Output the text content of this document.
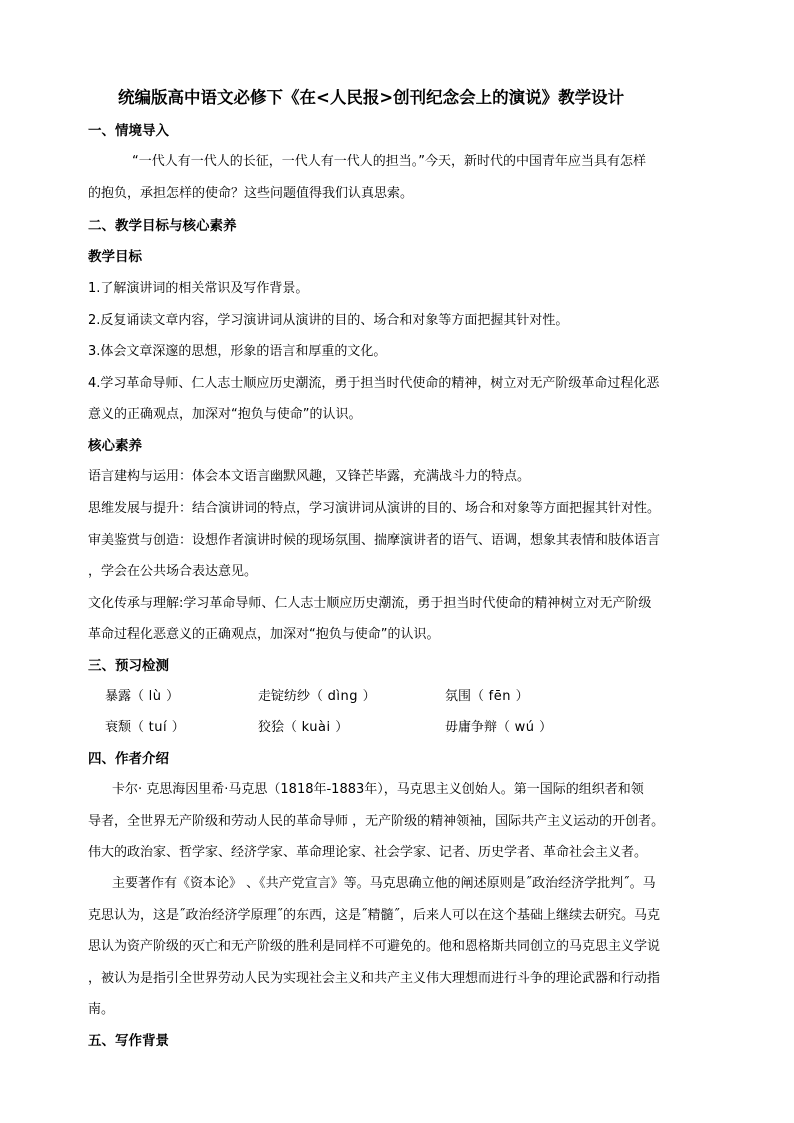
统编版高中语文必修下《在<人民报>创刊纪念会上的演说》教学设计
一、情境导入
“一代人有一代人的长征，一代人有一代人的担当。”今天，新时代的中国青年应当具有怎样
的抱负，承担怎样的使命？这些问题值得我们认真思索。
二、教学目标与核心素养
教学目标
1.了解演讲词的相关常识及写作背景。
2.反复诵读文章内容，学习演讲词从演讲的目的、场合和对象等方面把握其针对性。
3.体会文章深邃的思想，形象的语言和厚重的文化。
4.学习革命导师、仁人志士顺应历史潮流，勇于担当时代使命的精神，树立对无产阶级革命过程化恶
意义的正确观点，加深对“抱负与使命”的认识。
核心素养
语言建构与运用：体会本文语言幽默风趣，又锋芒毕露，充满战斗力的特点。
思维发展与提升：结合演讲词的特点，学习演讲词从演讲的目的、场合和对象等方面把握其针对性。
审美鉴赏与创造：设想作者演讲时候的现场氛围、揣摩演讲者的语气、语调，想象其表情和肢体语言
，学会在公共场合表达意见。
文化传承与理解:学习革命导师、仁人志士顺应历史潮流，勇于担当时代使命的精神树立对无产阶级
革命过程化恶意义的正确观点，加深对“抱负与使命”的认识。
三、预习检测
暴露（ lù ）	走锭纺纱（ dìng ）	氛围（ fēn ）
衰颓（ tuí ）	狡狯（ kuài ）	毋庸争辩（ wú ）
四、作者介绍
卡尔· 克思海因里希·马克思（1818年-1883年），马克思主义创始人。第一国际的组织者和领
导者，全世界无产阶级和劳动人民的革命导师 ，无产阶级的精神领袖，国际共产主义运动的开创者。
伟大的政治家、哲学家、经济学家、革命理论家、社会学家、记者、历史学者、革命社会主义者。
主要著作有《资本论》 、《共产党宣言》等。马克思确立他的阐述原则是˝政治经济学批判˝。马
克思认为，这是˝政治经济学原理˝的东西，这是˝精髓˝，后来人可以在这个基础上继续去研究。马克
思认为资产阶级的灭亡和无产阶级的胜利是同样不可避免的。他和恩格斯共同创立的马克思主义学说
，被认为是指引全世界劳动人民为实现社会主义和共产主义伟大理想而进行斗争的理论武器和行动指
南。
五、写作背景
